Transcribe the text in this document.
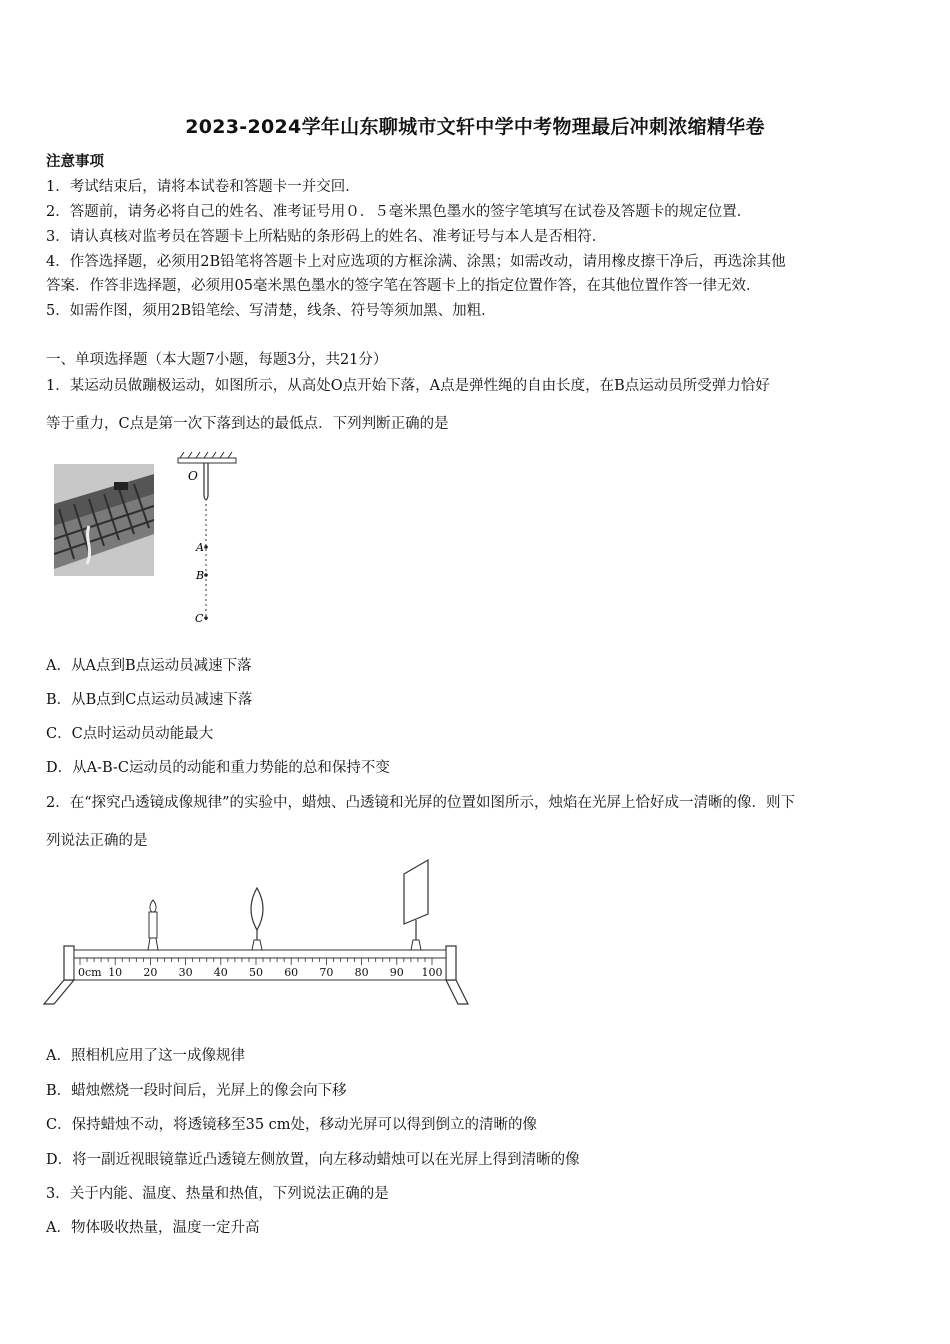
2023-2024学年山东聊城市文轩中学中考物理最后冲刺浓缩精华卷
注意事项
1．考试结束后，请将本试卷和答题卡一并交回．
2．答题前，请务必将自己的姓名、准考证号用０．５毫米黑色墨水的签字笔填写在试卷及答题卡的规定位置．
3．请认真核对监考员在答题卡上所粘贴的条形码上的姓名、准考证号与本人是否相符．
4．作答选择题，必须用2B铅笔将答题卡上对应选项的方框涂满、涂黑；如需改动，请用橡皮擦干净后，再选涂其他
答案．作答非选择题，必须用05毫米黑色墨水的签字笔在答题卡上的指定位置作答，在其他位置作答一律无效．
5．如需作图，须用2B铅笔绘、写清楚，线条、符号等须加黑、加粗．
一、单项选择题（本大题7小题，每题3分，共21分）
1．某运动员做蹦极运动，如图所示，从高处O点开始下落，A点是弹性绳的自由长度，在B点运动员所受弹力恰好
等于重力，C点是第一次下落到达的最低点．下列判断正确的是
O
A
B
C
A．从A点到B点运动员减速下落
B．从B点到C点运动员减速下落
C．C点时运动员动能最大
D．从A-B-C运动员的动能和重力势能的总和保持不变
2．在“探究凸透镜成像规律”的实验中，蜡烛、凸透镜和光屏的位置如图所示，烛焰在光屏上恰好成一清晰的像．则下
列说法正确的是
0cm 10 20 30 40 50 60 70 80 90 100
A．照相机应用了这一成像规律
B．蜡烛燃烧一段时间后，光屏上的像会向下移
C．保持蜡烛不动，将透镜移至35 cm处，移动光屏可以得到倒立的清晰的像
D．将一副近视眼镜靠近凸透镜左侧放置，向左移动蜡烛可以在光屏上得到清晰的像
3．关于内能、温度、热量和热值，下列说法正确的是
A．物体吸收热量，温度一定升高
